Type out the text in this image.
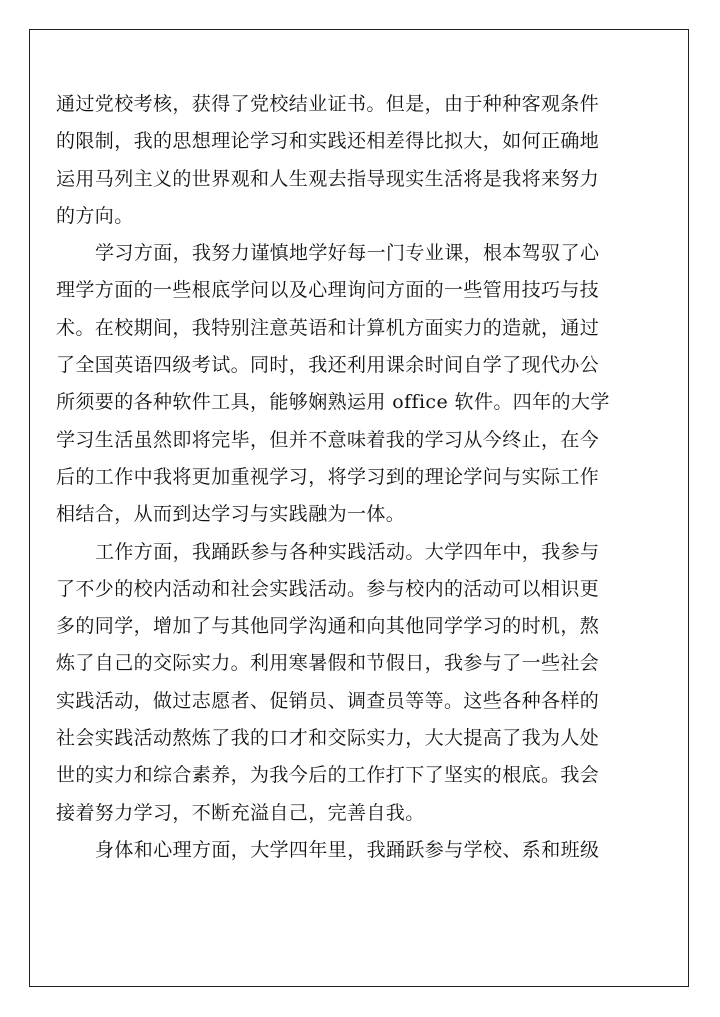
通过党校考核，获得了党校结业证书。但是，由于种种客观条件
的限制，我的思想理论学习和实践还相差得比拟大，如何正确地
运用马列主义的世界观和人生观去指导现实生活将是我将来努力
的方向。
学习方面，我努力谨慎地学好每一门专业课，根本驾驭了心
理学方面的一些根底学问以及心理询问方面的一些管用技巧与技
术。在校期间，我特别注意英语和计算机方面实力的造就，通过
了全国英语四级考试。同时，我还利用课余时间自学了现代办公
所须要的各种软件工具，能够娴熟运用 office 软件。四年的大学
学习生活虽然即将完毕，但并不意味着我的学习从今终止，在今
后的工作中我将更加重视学习，将学习到的理论学问与实际工作
相结合，从而到达学习与实践融为一体。
工作方面，我踊跃参与各种实践活动。大学四年中，我参与
了不少的校内活动和社会实践活动。参与校内的活动可以相识更
多的同学，增加了与其他同学沟通和向其他同学学习的时机，熬
炼了自己的交际实力。利用寒暑假和节假日，我参与了一些社会
实践活动，做过志愿者、促销员、调查员等等。这些各种各样的
社会实践活动熬炼了我的口才和交际实力，大大提高了我为人处
世的实力和综合素养，为我今后的工作打下了坚实的根底。我会
接着努力学习，不断充溢自己，完善自我。
身体和心理方面，大学四年里，我踊跃参与学校、系和班级
